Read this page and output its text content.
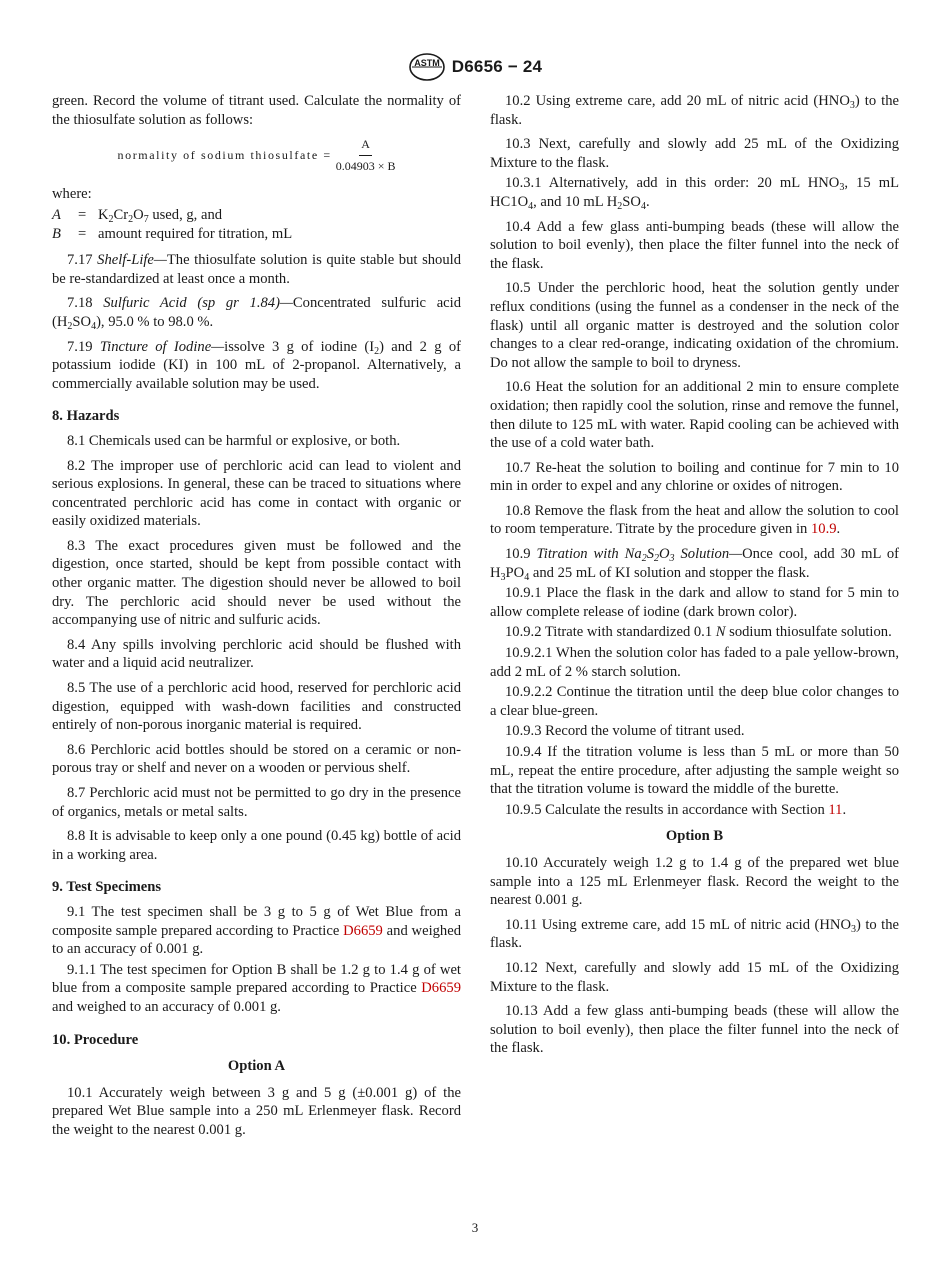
ASTM D6656 − 24

green. Record the volume of titrant used. Calculate the normality of the thiosulfate solution as follows:

normality of sodium thiosulfate = $\frac{A}{0.04903 \times B}$

where:

A	= $K_2Cr_2O_7$ used, g, and
B	= amount required for titration, mL

7.17 Shelf-Life—The thiosulfate solution is quite stable but should be re-standardized at least once a month.

7.18 Sulfuric Acid (sp gr 1.84)—Concentrated sulfuric acid $(H_2SO_4)$, 95.0 % to 98.0 %.

7.19 Tincture of Iodine—issolve 3 g of iodine $(I_2)$ and 2 g of potassium iodide (KI) in 100 mL of 2-propanol. Alternatively, a commercially available solution may be used.

8. Hazards

8.1 Chemicals used can be harmful or explosive, or both.

8.2 The improper use of perchloric acid can lead to violent and serious explosions. In general, these can be traced to situations where concentrated perchloric acid has come in contact with organic or easily oxidized materials.

8.3 The exact procedures given must be followed and the digestion, once started, should be kept from possible contact with other organic matter. The digestion should never be allowed to boil dry. The perchloric acid should never be used without the accompanying use of nitric and sulfuric acids.

8.4 Any spills involving perchloric acid should be flushed with water and a liquid acid neutralizer.

8.5 The use of a perchloric acid hood, reserved for perchloric acid digestion, equipped with wash-down facilities and constructed entirely of non-porous inorganic material is required.

8.6 Perchloric acid bottles should be stored on a ceramic or non-porous tray or shelf and never on a wooden or pervious shelf.

8.7 Perchloric acid must not be permitted to go dry in the presence of organics, metals or metal salts.

8.8 It is advisable to keep only a one pound (0.45 kg) bottle of acid in a working area.

9. Test Specimens

9.1 The test specimen shall be 3 g to 5 g of Wet Blue from a composite sample prepared according to Practice D6659 and weighed to an accuracy of 0.001 g.

9.1.1 The test specimen for Option B shall be 1.2 g to 1.4 g of wet blue from a composite sample prepared according to Practice D6659 and weighed to an accuracy of 0.001 g.

10. Procedure
Option A

10.1 Accurately weigh between 3 g and 5 g (±0.001 g) of the prepared Wet Blue sample into a 250 mL Erlenmeyer flask. Record the weight to the nearest 0.001 g.

10.2 Using extreme care, add 20 mL of nitric acid $(HNO_3)$ to the flask.

10.3 Next, carefully and slowly add 25 mL of the Oxidizing Mixture to the flask.

10.3.1 Alternatively, add in this order: 20 mL $HNO_3$, 15 mL $HC1O_4$, and 10 mL $H_2SO_4$.

10.4 Add a few glass anti-bumping beads (these will allow the solution to boil evenly), then place the filter funnel into the neck of the flask.

10.5 Under the perchloric hood, heat the solution gently under reflux conditions (using the funnel as a condenser in the neck of the flask) until all organic matter is destroyed and the solution color changes to a clear red-orange, indicating oxidation of the chromium. Do not allow the sample to boil to dryness.

10.6 Heat the solution for an additional 2 min to ensure complete oxidation; then rapidly cool the solution, rinse and remove the funnel, then dilute to 125 mL with water. Rapid cooling can be achieved with the use of a cold water bath.

10.7 Re-heat the solution to boiling and continue for 7 min to 10 min in order to expel and any chlorine or oxides of nitrogen.

10.8 Remove the flask from the heat and allow the solution to cool to room temperature. Titrate by the procedure given in 10.9.

10.9 Titration with $Na_2S_2O_3$ Solution—Once cool, add 30 mL of $H_3PO_4$ and 25 mL of KI solution and stopper the flask.

10.9.1 Place the flask in the dark and allow to stand for 5 min to allow complete release of iodine (dark brown color).

10.9.2 Titrate with standardized 0.1 N sodium thiosulfate solution.

10.9.2.1 When the solution color has faded to a pale yellow-brown, add 2 mL of 2 % starch solution.

10.9.2.2 Continue the titration until the deep blue color changes to a clear blue-green.

10.9.3 Record the volume of titrant used.

10.9.4 If the titration volume is less than 5 mL or more than 50 mL, repeat the entire procedure, after adjusting the sample weight so that the titration volume is toward the middle of the burette.

10.9.5 Calculate the results in accordance with Section 11.

Option B

10.10 Accurately weigh 1.2 g to 1.4 g of the prepared wet blue sample into a 125 mL Erlenmeyer flask. Record the weight to the nearest 0.001 g.

10.11 Using extreme care, add 15 mL of nitric acid $(HNO_3)$ to the flask.

10.12 Next, carefully and slowly add 15 mL of the Oxidizing Mixture to the flask.

10.13 Add a few glass anti-bumping beads (these will allow the solution to boil evenly), then place the filter funnel into the neck of the flask.

3
